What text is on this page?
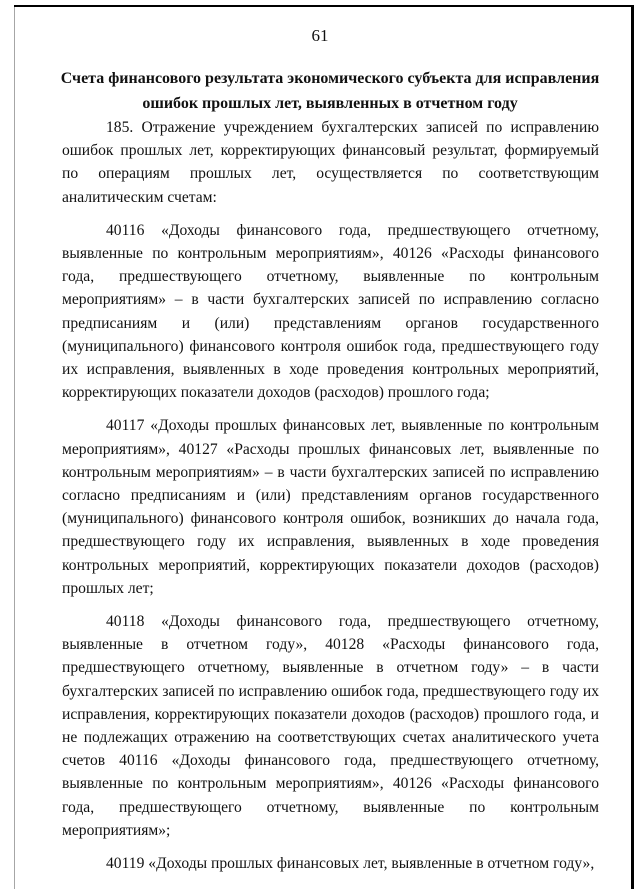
61
Счета финансового результата экономического субъекта для исправления ошибок прошлых лет, выявленных в отчетном году

185. Отражение учреждением бухгалтерских записей по исправлению ошибок прошлых лет, корректирующих финансовый результат, формируемый по операциям прошлых лет, осуществляется по соответствующим аналитическим счетам:

40116 «Доходы финансового года, предшествующего отчетному, выявленные по контрольным мероприятиям», 40126 «Расходы финансового года, предшествующего отчетному, выявленные по контрольным мероприятиям» – в части бухгалтерских записей по исправлению согласно предписаниям и (или) представлениям органов государственного (муниципального) финансового контроля ошибок года, предшествующего году их исправления, выявленных в ходе проведения контрольных мероприятий, корректирующих показатели доходов (расходов) прошлого года;

40117 «Доходы прошлых финансовых лет, выявленные по контрольным мероприятиям», 40127 «Расходы прошлых финансовых лет, выявленные по контрольным мероприятиям» – в части бухгалтерских записей по исправлению согласно предписаниям и (или) представлениям органов государственного (муниципального) финансового контроля ошибок, возникших до начала года, предшествующего году их исправления, выявленных в ходе проведения контрольных мероприятий, корректирующих показатели доходов (расходов) прошлых лет;

40118 «Доходы финансового года, предшествующего отчетному, выявленные в отчетном году», 40128 «Расходы финансового года, предшествующего отчетному, выявленные в отчетном году» – в части бухгалтерских записей по исправлению ошибок года, предшествующего году их исправления, корректирующих показатели доходов (расходов) прошлого года, и не подлежащих отражению на соответствующих счетах аналитического учета счетов 40116 «Доходы финансового года, предшествующего отчетному, выявленные по контрольным мероприятиям», 40126 «Расходы финансового года, предшествующего отчетному, выявленные по контрольным мероприятиям»;

40119 «Доходы прошлых финансовых лет, выявленные в отчетном году»,
